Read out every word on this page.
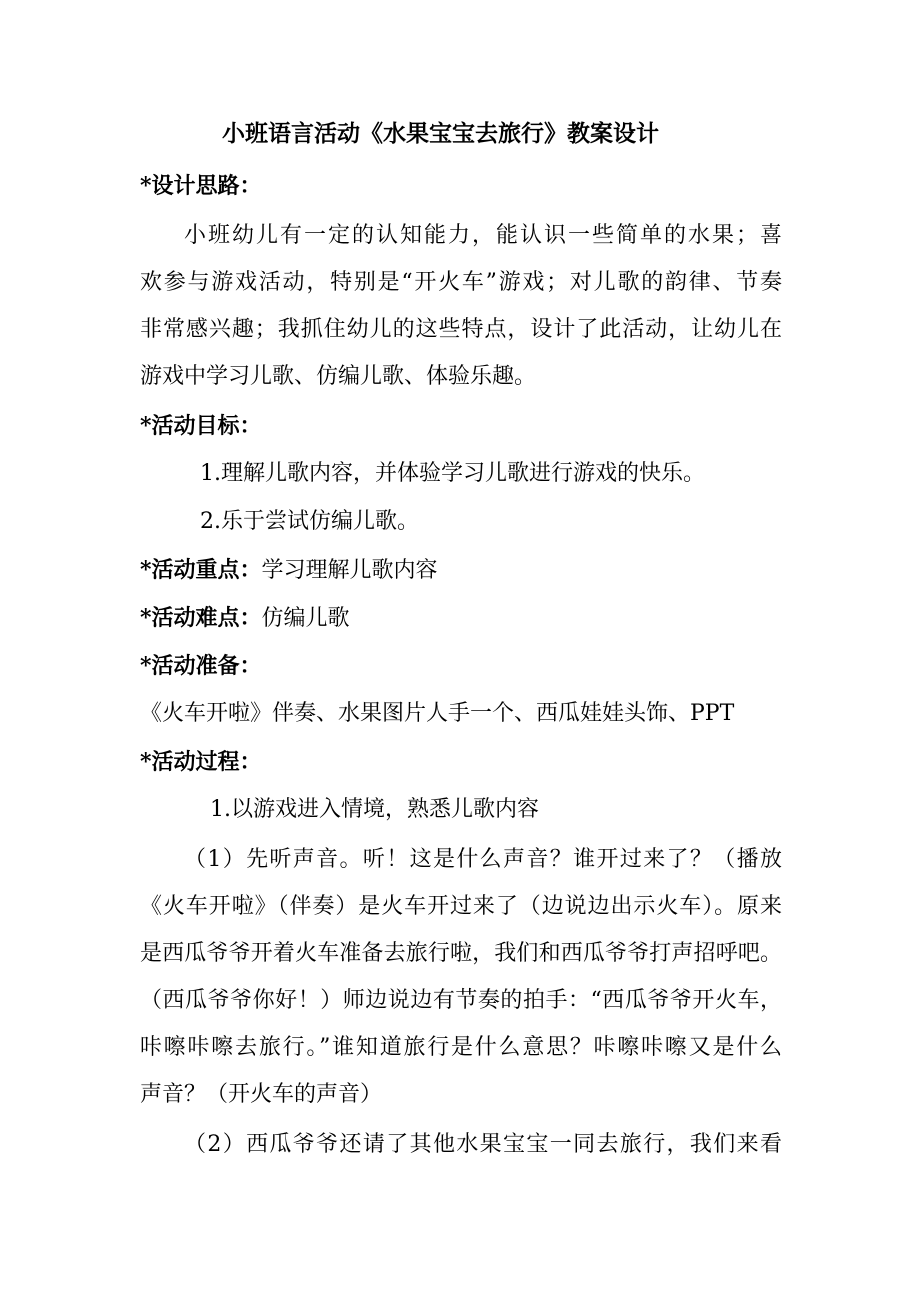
小班语言活动《水果宝宝去旅行》教案设计
*设计思路：
小班幼儿有一定的认知能力，能认识一些简单的水果；喜
欢参与游戏活动，特别是“开火车”游戏；对儿歌的韵律、节奏
非常感兴趣；我抓住幼儿的这些特点，设计了此活动，让幼儿在
游戏中学习儿歌、仿编儿歌、体验乐趣。
*活动目标：
1.理解儿歌内容，并体验学习儿歌进行游戏的快乐。
2.乐于尝试仿编儿歌。
*活动重点：学习理解儿歌内容
*活动难点：仿编儿歌
*活动准备：
《火车开啦》伴奏、水果图片人手一个、西瓜娃娃头饰、PPT
*活动过程：
1.以游戏进入情境，熟悉儿歌内容
（1）先听声音。听！这是什么声音？谁开过来了？（播放
《火车开啦》（伴奏）是火车开过来了（边说边出示火车）。原来
是西瓜爷爷开着火车准备去旅行啦，我们和西瓜爷爷打声招呼吧。
（西瓜爷爷你好！）师边说边有节奏的拍手：“西瓜爷爷开火车，
咔嚓咔嚓去旅行。”谁知道旅行是什么意思？咔嚓咔嚓又是什么
声音？（开火车的声音）
（2）西瓜爷爷还请了其他水果宝宝一同去旅行，我们来看
